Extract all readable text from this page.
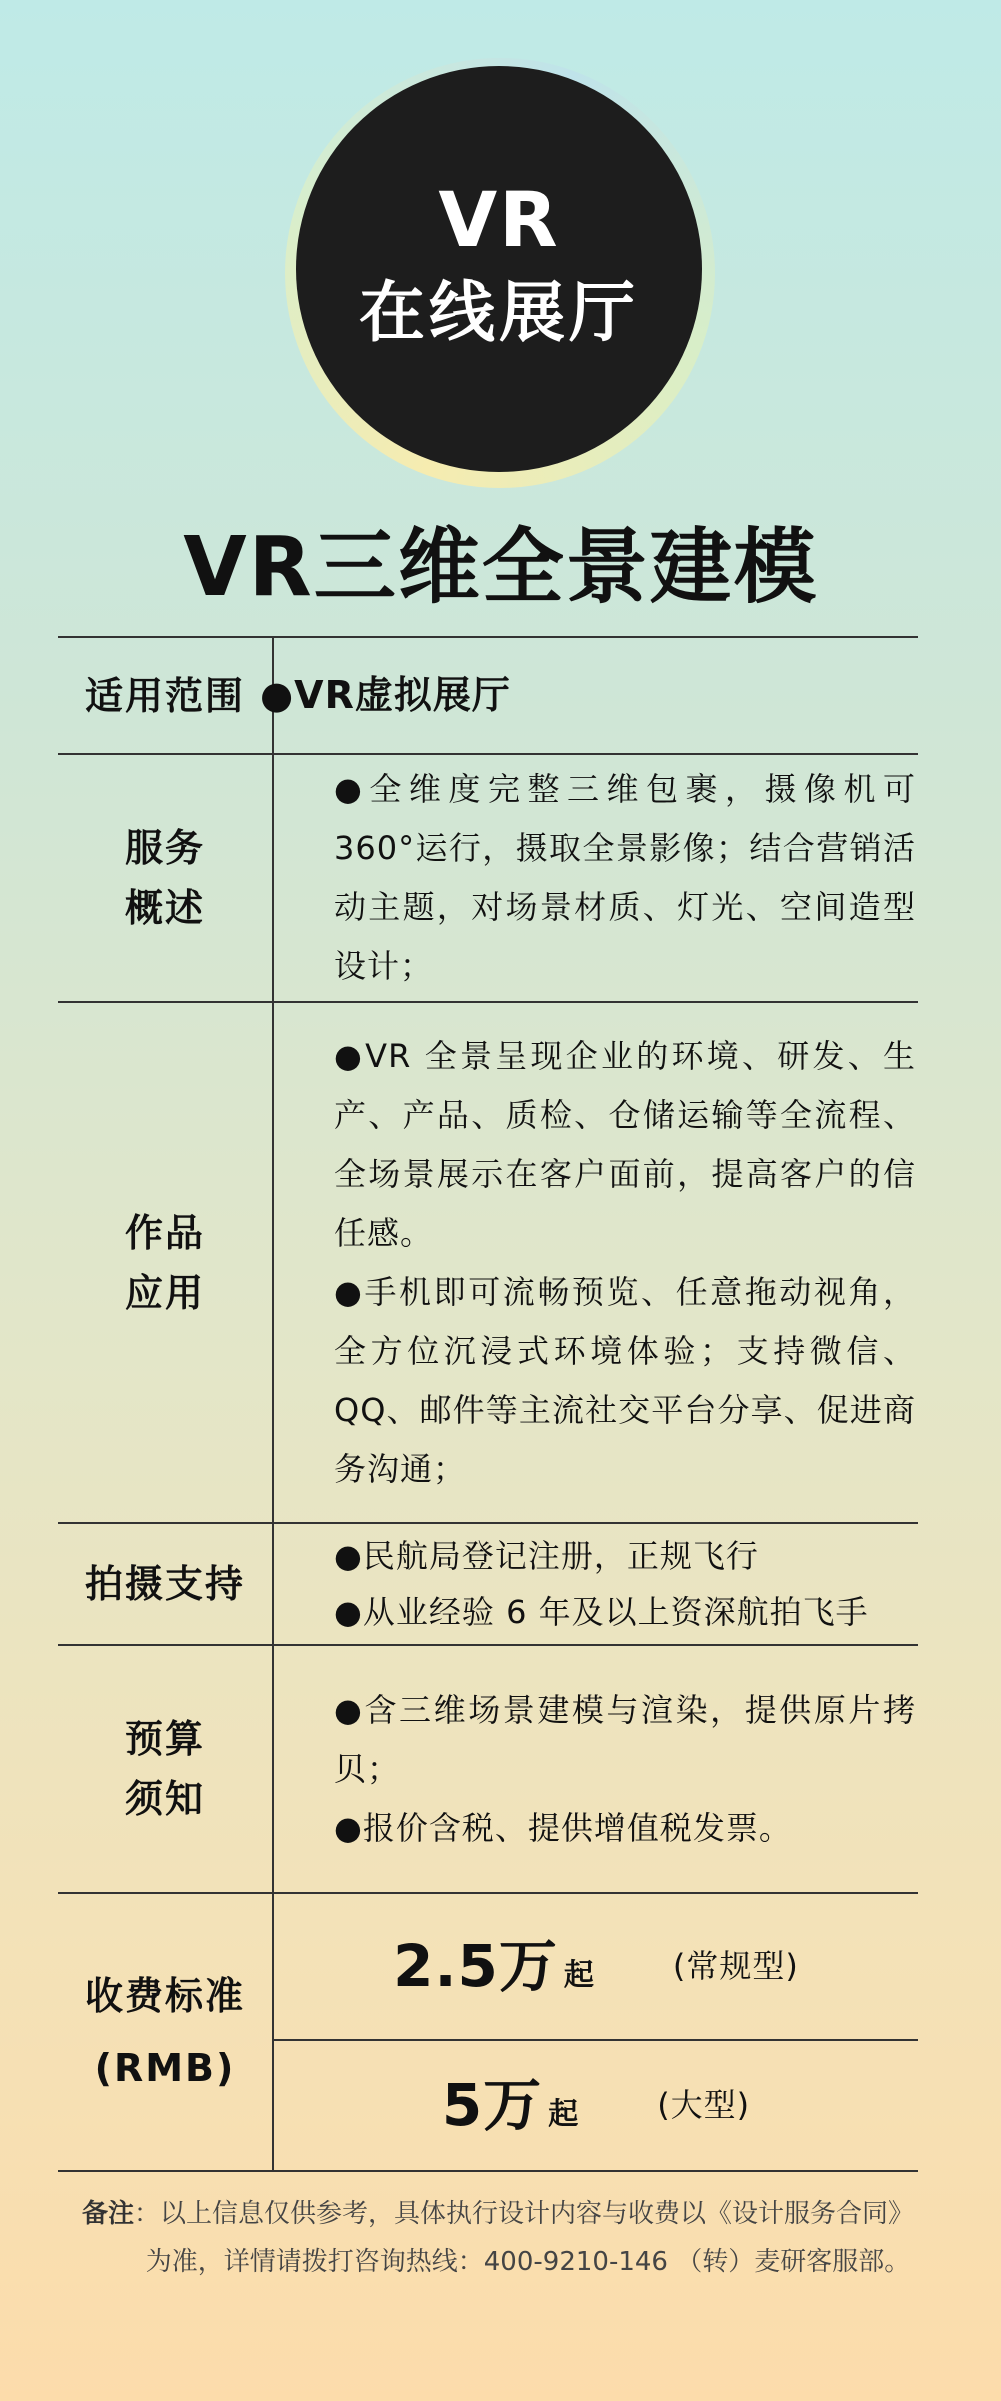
VR
在线展厅
VR三维全景建模
适用范围 ●VR虚拟展厅

服务
概述

●全维度完整三维包裹，摄像机可 360°运行，摄取全景影像；结合营销活动主题，对场景材质、灯光、空间造型设计；

作品
应用

●VR 全景呈现企业的环境、研发、生产、产品、质检、仓储运输等全流程、全场景展示在客户面前，提高客户的信任感。

●手机即可流畅预览、任意拖动视角，全方位沉浸式环境体验；支持微信、QQ、邮件等主流社交平台分享、促进商务沟通；

拍摄支持

●民航局登记注册，正规飞行

●从业经验 6 年及以上资深航拍飞手

预算
须知

●含三维场景建模与渲染，提供原片拷贝；

●报价含税、提供增值税发票。

收费标准
(RMB)
2.5万 起 (常规型)
5万 起 (大型)
备注：以上信息仅供参考，具体执行设计内容与收费以《设计服务合同》
为准，详情请拨打咨询热线：400-9210-146 （转）麦研客服部。
